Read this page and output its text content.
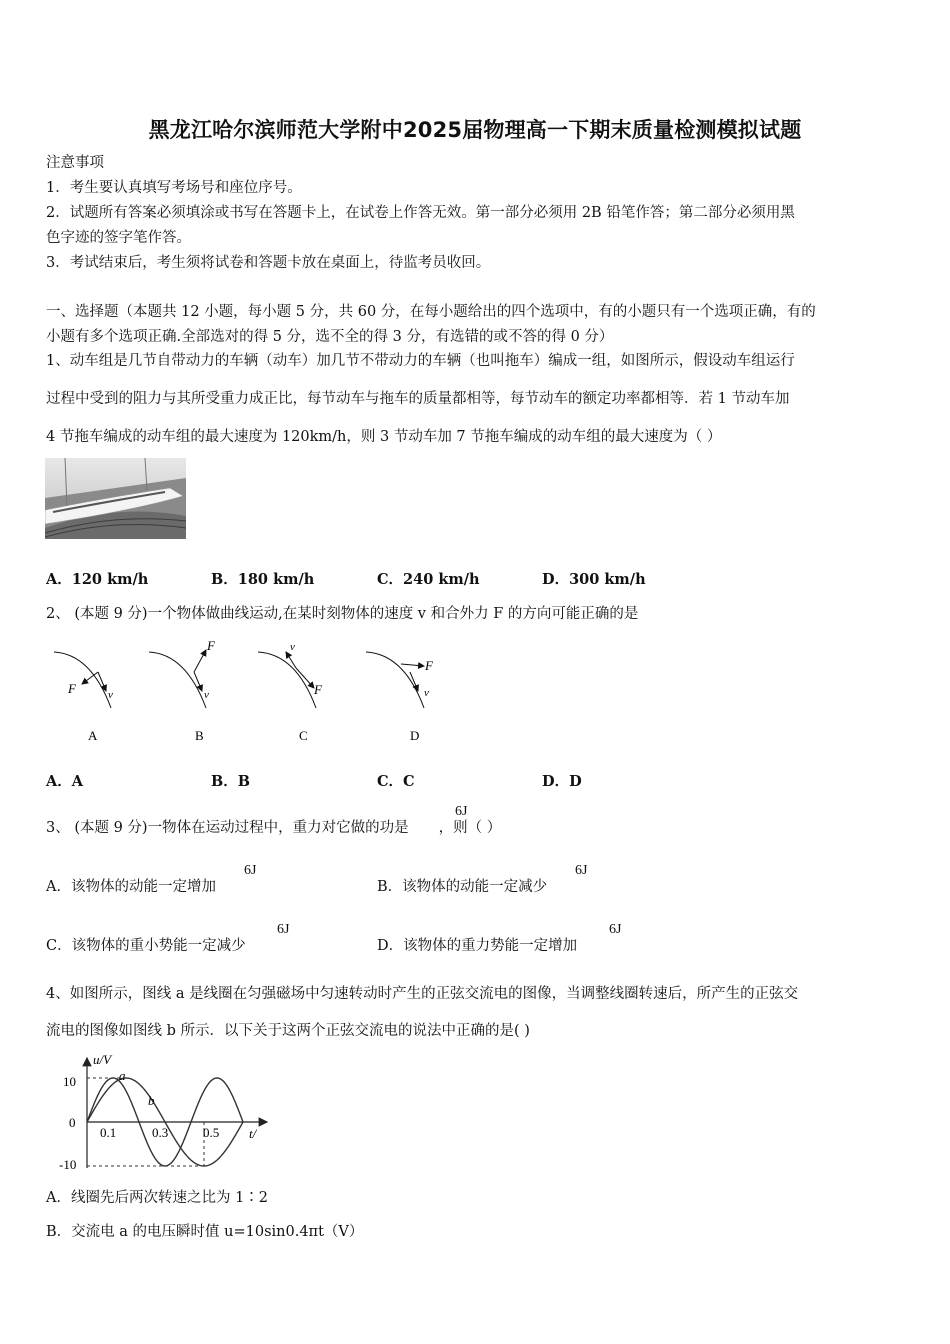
黑龙江哈尔滨师范大学附中2025届物理高一下期末质量检测模拟试题
注意事项
1．考生要认真填写考场号和座位序号。
2．试题所有答案必须填涂或书写在答题卡上，在试卷上作答无效。第一部分必须用 2B 铅笔作答；第二部分必须用黑
色字迹的签字笔作答。
3．考试结束后，考生须将试卷和答题卡放在桌面上，待监考员收回。
一、选择题（本题共 12 小题，每小题 5 分，共 60 分，在每小题给出的四个选项中，有的小题只有一个选项正确，有的
小题有多个选项正确.全部选对的得 5 分，选不全的得 3 分，有选错的或不答的得 0 分）
1、动车组是几节自带动力的车辆（动车）加几节不带动力的车辆（也叫拖车）编成一组，如图所示，假设动车组运行
过程中受到的阻力与其所受重力成正比，每节动车与拖车的质量都相等，每节动车的额定功率都相等．若 1 节动车加
4 节拖车编成的动车组的最大速度为 120km/h，则 3 节动车加 7 节拖车编成的动车组的最大速度为（ ）
A．120 km/h	B．180 km/h	C．240 km/h	D．300 km/h
2、 (本题 9 分)一个物体做曲线运动,在某时刻物体的速度 v 和合外力 F 的方向可能正确的是
F	v
A
F
v
B
v
F
C
F
v
D
A．A	B．B	C．C	D．D
3、 (本题 9 分)一物体在运动过程中，重力对它做的功是 ，则（ ）
6J
A．该物体的动能一定增加
6J
B．该物体的动能一定减少
6J
C．该物体的重小势能一定减少
6J
D．该物体的重力势能一定增加
6J
4、如图所示，图线 a 是线圈在匀强磁场中匀速转动时产生的正弦交流电的图像，当调整线圈转速后，所产生的正弦交
流电的图像如图线 b 所示．以下关于这两个正弦交流电的说法中正确的是( )
u/V
t/
a
b
10
0
-10
0.1	0.3	0.5
A．线圈先后两次转速之比为 1∶2
B．交流电 a 的电压瞬时值 u=10sin0.4πt（V）
